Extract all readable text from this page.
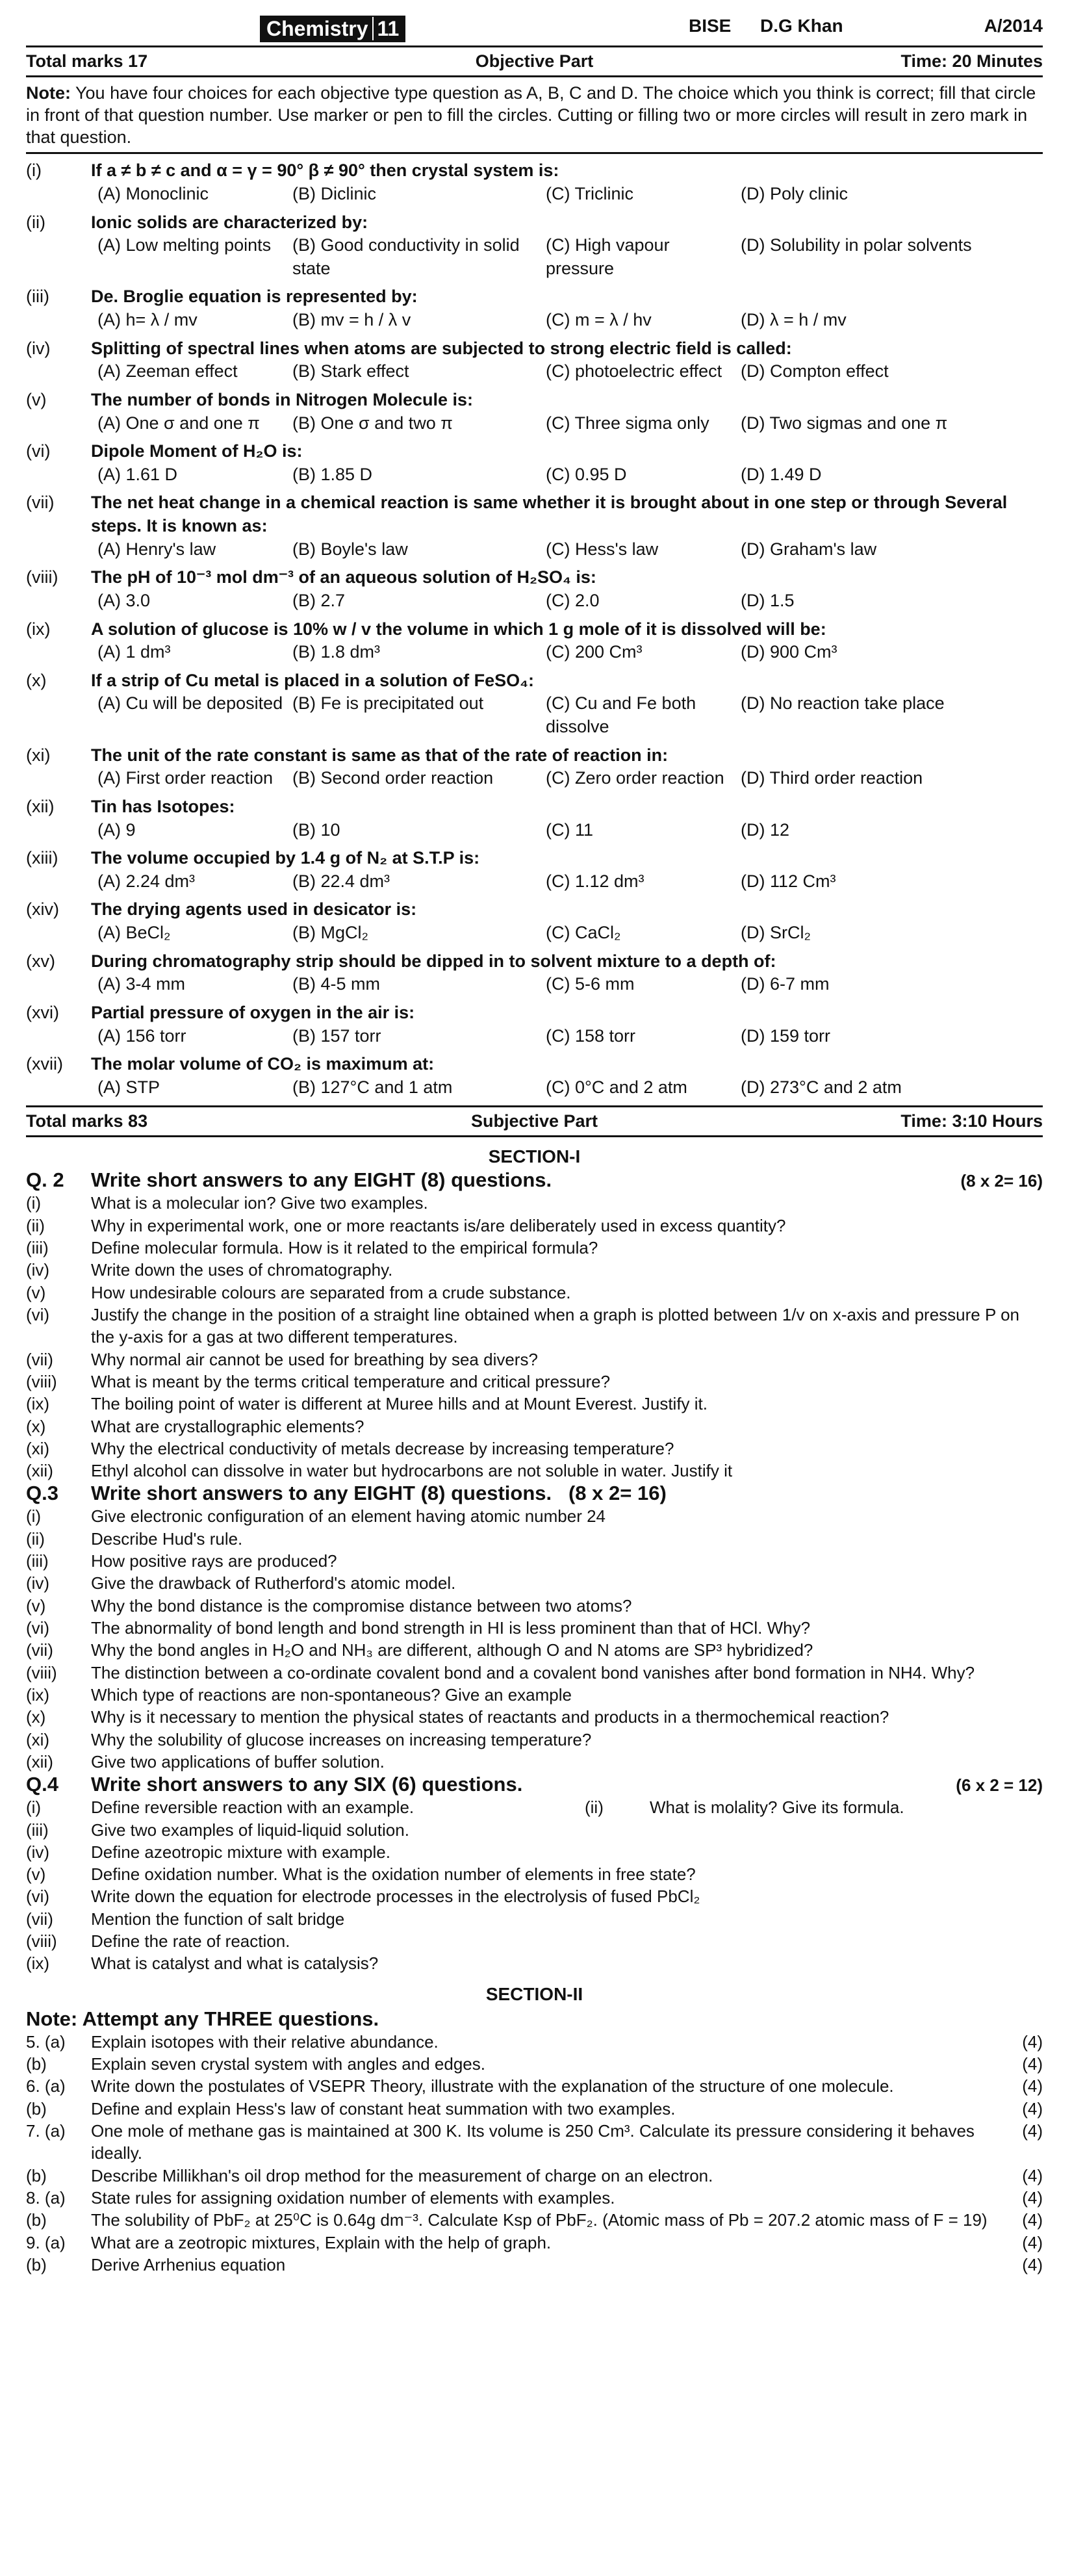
Chemistry 11	BISE D.G Khan	A/2014
Total marks 17	Objective Part	Time: 20 Minutes
Note: You have four choices for each objective type question as A, B, C and D. The choice which you think is correct; fill that circle in front of that question number. Use marker or pen to fill the circles. Cutting or filling two or more circles will result in zero mark in that question.
(i)	If a ≠ b ≠ c and α = γ = 90° β ≠ 90° then crystal system is:
(A) Monoclinic	(B) Diclinic	(C) Triclinic	(D) Poly clinic
(ii)	Ionic solids are characterized by:
(A) Low melting points	(B) Good conductivity in solid state
(C) High vapour pressure
(D) Solubility in polar solvents
(iii)	De. Broglie equation is represented by:
(A) h= λ / mv	(B) mv = h / λ v	(C) m = λ / hv	(D) λ = h / mv
(iv)	Splitting of spectral lines when atoms are subjected to strong electric field is called:
(A) Zeeman effect	(B) Stark effect	(C) photoelectric effect	(D) Compton effect
(v)	The number of bonds in Nitrogen Molecule is:
(A) One σ and one π	(B) One σ and two π	(C) Three sigma only	(D) Two sigmas and one π
(vi)	Dipole Moment of H₂O is:
(A) 1.61 D	(B) 1.85 D	(C) 0.95 D	(D) 1.49 D
(vii)	The net heat change in a chemical reaction is same whether it is brought about in one step or through Several steps. It is known as:
(A) Henry's law	(B) Boyle's law	(C) Hess's law	(D) Graham's law
(viii)	The pH of 10⁻³ mol dm⁻³ of an aqueous solution of H₂SO₄ is:
(A) 3.0	(B) 2.7	(C) 2.0	(D) 1.5
(ix)	A solution of glucose is 10% w / v the volume in which 1 g mole of it is dissolved will be:
(A) 1 dm³	(B) 1.8 dm³	(C) 200 Cm³	(D) 900 Cm³
(x)	If a strip of Cu metal is placed in a solution of FeSO₄:
(A) Cu will be deposited (B) Fe is precipitated out	(C) Cu and Fe both dissolve
(D) No reaction take place
(xi)	The unit of the rate constant is same as that of the rate of reaction in:
(A) First order reaction	(B) Second order reaction	(C) Zero order reaction (D) Third order reaction
(xii)	Tin has Isotopes:
(A) 9	(B) 10	(C) 11	(D) 12
(xiii)	The volume occupied by 1.4 g of N₂ at S.T.P is:
(A) 2.24 dm³	(B) 22.4 dm³	(C) 1.12 dm³	(D) 112 Cm³
(xiv)	The drying agents used in desicator is:
(A) BeCl₂	(B) MgCl₂	(C) CaCl₂	(D) SrCl₂
(xv)	During chromatography strip should be dipped in to solvent mixture to a depth of:
(A) 3-4 mm	(B) 4-5 mm	(C) 5-6 mm	(D) 6-7 mm
(xvi)	Partial pressure of oxygen in the air is:
(A) 156 torr	(B) 157 torr	(C) 158 torr	(D) 159 torr
(xvii)	The molar volume of CO₂ is maximum at:
(A) STP	(B) 127°C and 1 atm	(C) 0°C and 2 atm	(D) 273°C and 2 atm
Total marks 83	Subjective Part	Time: 3:10 Hours
SECTION-I
Q. 2	Write short answers to any EIGHT (8) questions.	(8 x 2= 16)
(i)	What is a molecular ion? Give two examples.
(ii)	Why in experimental work, one or more reactants is/are deliberately used in excess quantity?
(iii)	Define molecular formula. How is it related to the empirical formula?
(iv)	Write down the uses of chromatography.
(v)	How undesirable colours are separated from a crude substance.
(vi)	Justify the change in the position of a straight line obtained when a graph is plotted between 1/v on x-axis and pressure P on the y-axis for a gas at two different temperatures.
(vii)	Why normal air cannot be used for breathing by sea divers?
(viii)	What is meant by the terms critical temperature and critical pressure?
(ix)	The boiling point of water is different at Muree hills and at Mount Everest. Justify it.
(x)	What are crystallographic elements?
(xi)	Why the electrical conductivity of metals decrease by increasing temperature?
(xii)	Ethyl alcohol can dissolve in water but hydrocarbons are not soluble in water. Justify it
Q.3	Write short answers to any EIGHT (8) questions. (8 x 2= 16)
(i)	Give electronic configuration of an element having atomic number 24
(ii)	Describe Hud's rule.
(iii)	How positive rays are produced?
(iv)	Give the drawback of Rutherford's atomic model.
(v)	Why the bond distance is the compromise distance between two atoms?
(vi)	The abnormality of bond length and bond strength in HI is less prominent than that of HCl. Why?
(vii)	Why the bond angles in H₂O and NH₃ are different, although O and N atoms are SP³ hybridized?
(viii)	The distinction between a co-ordinate covalent bond and a covalent bond vanishes after bond formation in NH4. Why?
(ix)	Which type of reactions are non-spontaneous? Give an example
(x)	Why is it necessary to mention the physical states of reactants and products in a thermochemical reaction?
(xi)	Why the solubility of glucose increases on increasing temperature?
(xii)	Give two applications of buffer solution.
Q.4	Write short answers to any SIX (6) questions.	(6 x 2 = 12)
(i)	Define reversible reaction with an example.	(ii)	What is molality? Give its formula.
(iii)	Give two examples of liquid-liquid solution.
(iv)	Define azeotropic mixture with example.
(v)	Define oxidation number. What is the oxidation number of elements in free state?
(vi)	Write down the equation for electrode processes in the electrolysis of fused PbCl₂
(vii)	Mention the function of salt bridge
(viii)	Define the rate of reaction.
(ix)	What is catalyst and what is catalysis?
SECTION-II
Note: Attempt any THREE questions.
5. (a)	Explain isotopes with their relative abundance.	(4)
(b)	Explain seven crystal system with angles and edges.	(4)
6. (a)	Write down the postulates of VSEPR Theory, illustrate with the explanation of the structure of one molecule.	(4)
(b)	Define and explain Hess's law of constant heat summation with two examples.	(4)
7. (a)	One mole of methane gas is maintained at 300 K. Its volume is 250 Cm³. Calculate its pressure considering it behaves ideally.
(4)
(b)	Describe Millikhan's oil drop method for the measurement of charge on an electron.	(4)
8. (a)	State rules for assigning oxidation number of elements with examples.	(4)
(b)	The solubility of PbF₂ at 25⁰C is 0.64g dm⁻³. Calculate Ksp of PbF₂. (Atomic mass of Pb = 207.2 atomic mass of F = 19)	(4)
9. (a)	What are a zeotropic mixtures, Explain with the help of graph.	(4)
(b)	Derive Arrhenius equation	(4)
